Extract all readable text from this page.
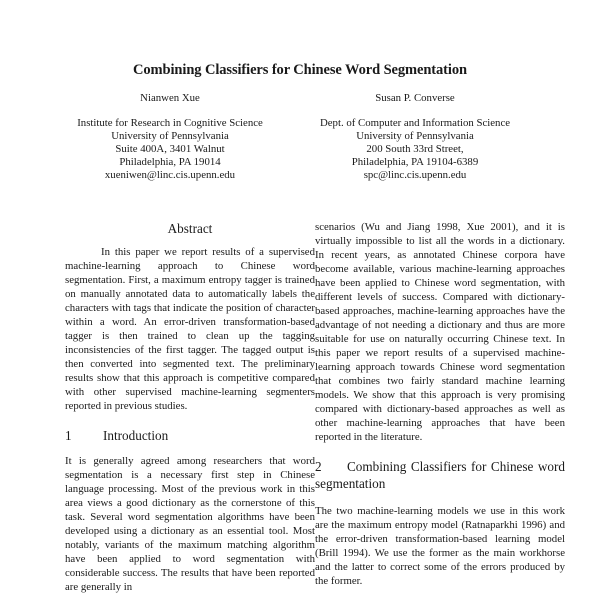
Combining Classifiers for Chinese Word Segmentation
Nianwen Xue
Institute for Research in Cognitive Science
University of Pennsylvania
Suite 400A, 3401 Walnut
Philadelphia, PA 19014
xueniwen@linc.cis.upenn.edu
Susan P. Converse
Dept. of Computer and Information Science
University of Pennsylvania
200 South 33rd Street,
Philadelphia, PA 19104-6389
spc@linc.cis.upenn.edu
Abstract

In this paper we report results of a supervised machine-learning approach to Chinese word segmentation. First, a maximum entropy tagger is trained on manually annotated data to automatically labels the characters with tags that indicate the position of character within a word. An error-driven transformation-based tagger is then trained to clean up the tagging inconsistencies of the first tagger. The tagged output is then converted into segmented text. The preliminary results show that this approach is competitive compared with other supervised machine-learning segmenters reported in previous studies.

1 Introduction

It is generally agreed among researchers that word segmentation is a necessary first step in Chinese language processing. Most of the previous work in this area views a good dictionary as the cornerstone of this task. Several word segmentation algorithms have been developed using a dictionary as an essential tool. Most notably, variants of the maximum matching algorithm have been applied to word segmentation with considerable success. The results that have been reported are generally in

scenarios (Wu and Jiang 1998, Xue 2001), and it is virtually impossible to list all the words in a dictionary. In recent years, as annotated Chinese corpora have become available, various machine-learning approaches have been applied to Chinese word segmentation, with different levels of success. Compared with dictionary-based approaches, machine-learning approaches have the advantage of not needing a dictionary and thus are more suitable for use on naturally occurring Chinese text. In this paper we report results of a supervised machine-learning approach towards Chinese word segmentation that combines two fairly standard machine learning models. We show that this approach is very promising compared with dictionary-based approaches as well as other machine-learning approaches that have been reported in the literature.

2 Combining Classifiers for Chinese word segmentation

The two machine-learning models we use in this work are the maximum entropy model (Ratnaparkhi 1996) and the error-driven transformation-based learning model (Brill 1994). We use the former as the main workhorse and the latter to correct some of the errors produced by the former.
